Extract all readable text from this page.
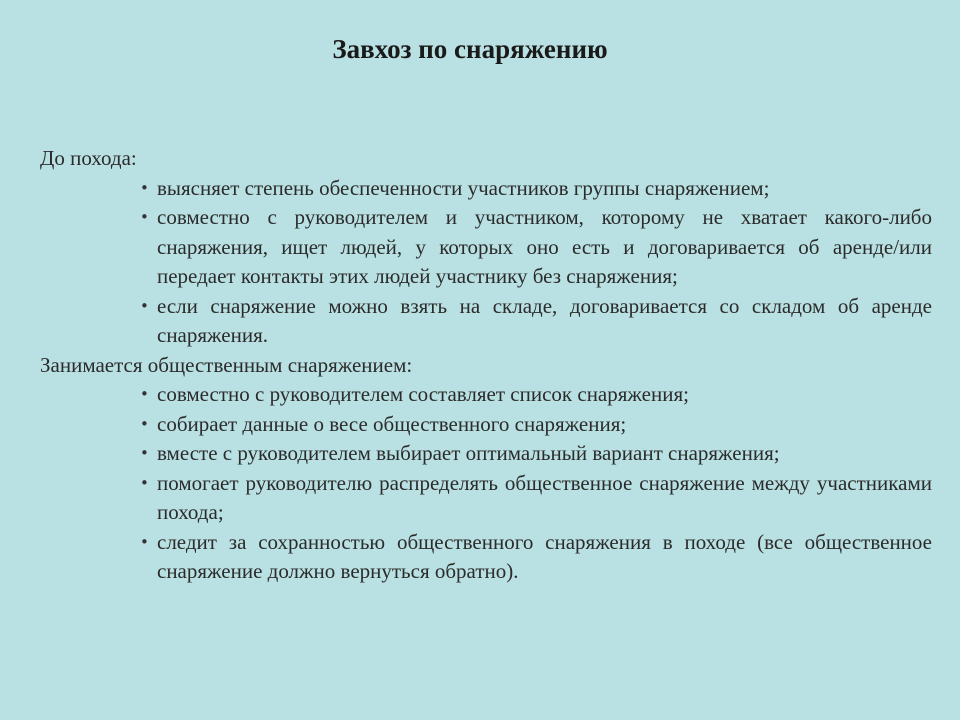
Завхоз по снаряжению

До похода:

• выясняет степень обеспеченности участников группы снаряжением;
• совместно с руководителем и участником, которому не хватает какого-либо снаряжения, ищет людей, у которых оно есть и договаривается об аренде/или передает контакты этих людей участнику без снаряжения;
• если снаряжение можно взять на складе, договаривается со складом об аренде снаряжения.

Занимается общественным снаряжением:

• совместно с руководителем составляет список снаряжения;
• собирает данные о весе общественного снаряжения;
• вместе с руководителем выбирает оптимальный вариант снаряжения;
• помогает руководителю распределять общественное снаряжение между участниками похода;
• следит за сохранностью общественного снаряжения в походе (все общественное снаряжение должно вернуться обратно).
